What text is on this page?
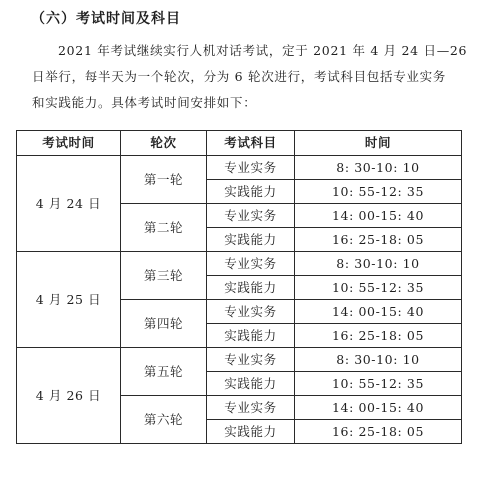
（六）考试时间及科目
2021 年考试继续实行人机对话考试，定于 2021 年 4 月 24 日—26
日举行，每半天为一个轮次，分为 6 轮次进行，考试科目包括专业实务
和实践能力。具体考试时间安排如下：
考试时间	轮次	考试科目	时间
4 月 24 日	第一轮	专业实务	8: 30-10: 10
		实践能力	10: 55-12: 35
	第二轮	专业实务	14: 00-15: 40
		实践能力	16: 25-18: 05
4 月 25 日	第三轮	专业实务	8: 30-10: 10
		实践能力	10: 55-12: 35
	第四轮	专业实务	14: 00-15: 40
		实践能力	16: 25-18: 05
4 月 26 日	第五轮	专业实务	8: 30-10: 10
		实践能力	10: 55-12: 35
	第六轮	专业实务	14: 00-15: 40
		实践能力	16: 25-18: 05
